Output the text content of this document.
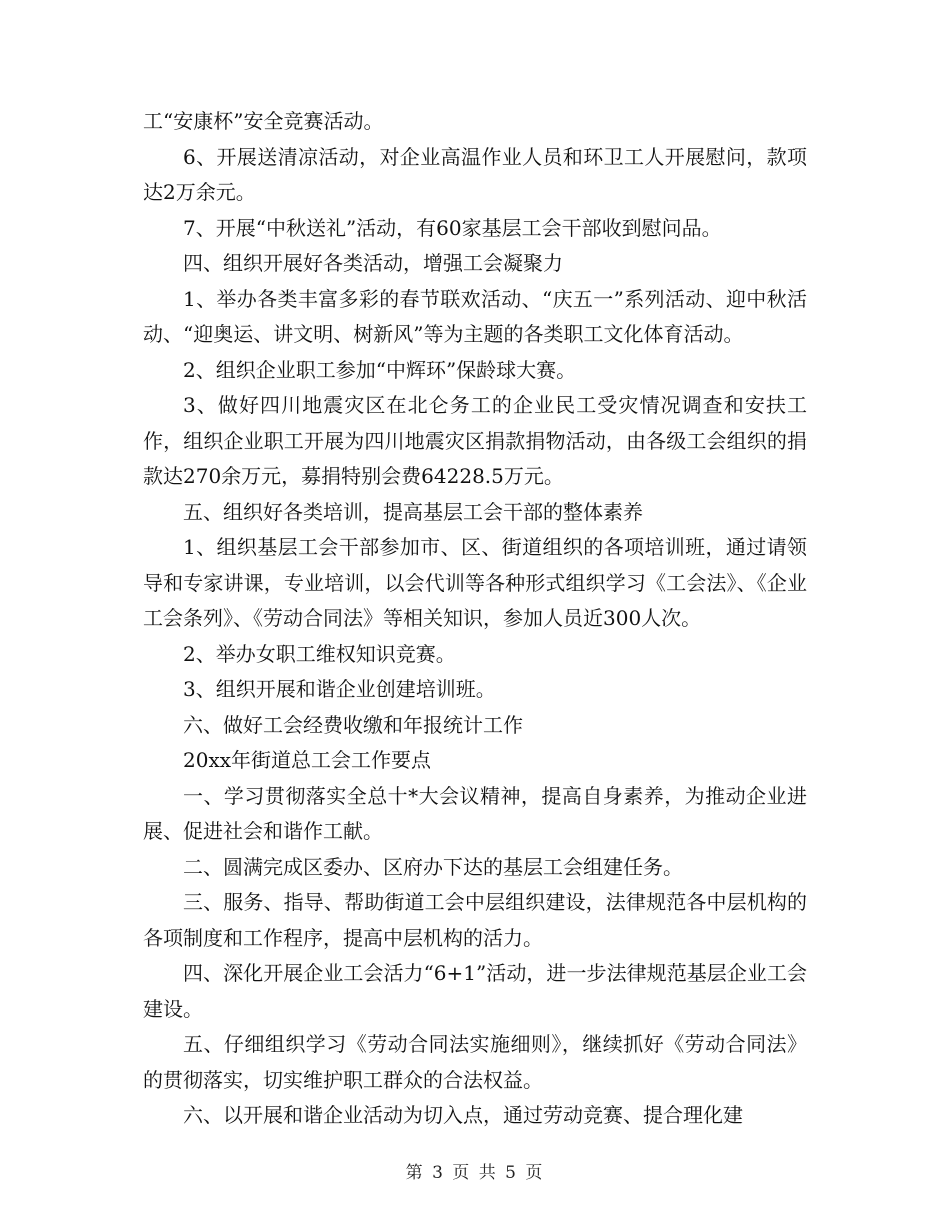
工“安康杯”安全竞赛活动。

6、开展送清凉活动，对企业高温作业人员和环卫工人开展慰问，款项达2万余元。

7、开展“中秋送礼”活动，有60家基层工会干部收到慰问品。

四、组织开展好各类活动，增强工会凝聚力

1、举办各类丰富多彩的春节联欢活动、“庆五一”系列活动、迎中秋活动、“迎奥运、讲文明、树新风”等为主题的各类职工文化体育活动。

2、组织企业职工参加“中辉环”保龄球大赛。

3、做好四川地震灾区在北仑务工的企业民工受灾情况调查和安扶工作，组织企业职工开展为四川地震灾区捐款捐物活动，由各级工会组织的捐款达270余万元，募捐特别会费64228.5万元。

五、组织好各类培训，提高基层工会干部的整体素养

1、组织基层工会干部参加市、区、街道组织的各项培训班，通过请领导和专家讲课，专业培训，以会代训等各种形式组织学习《工会法》、《企业工会条列》、《劳动合同法》等相关知识，参加人员近300人次。

2、举办女职工维权知识竞赛。

3、组织开展和谐企业创建培训班。

六、做好工会经费收缴和年报统计工作

20xx年街道总工会工作要点

一、学习贯彻落实全总十*大会议精神，提高自身素养，为推动企业进展、促进社会和谐作工献。

二、圆满完成区委办、区府办下达的基层工会组建任务。

三、服务、指导、帮助街道工会中层组织建设，法律规范各中层机构的各项制度和工作程序，提高中层机构的活力。

四、深化开展企业工会活力“6+1”活动，进一步法律规范基层企业工会建设。

五、仔细组织学习《劳动合同法实施细则》，继续抓好《劳动合同法》的贯彻落实，切实维护职工群众的合法权益。

六、以开展和谐企业活动为切入点，通过劳动竞赛、提合理化建

第 3 页 共 5 页
